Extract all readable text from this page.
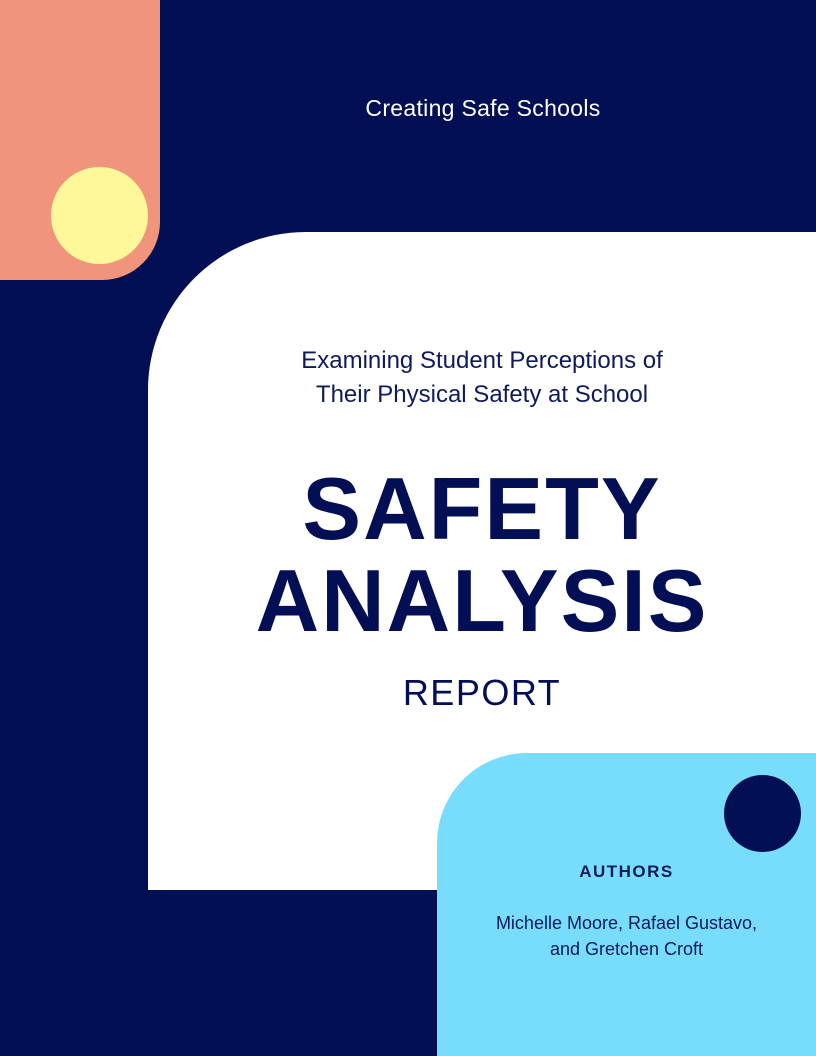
Creating Safe Schools
Examining Student Perceptions of
Their Physical Safety at School
SAFETY
ANALYSIS
REPORT
AUTHORS
Michelle Moore, Rafael Gustavo,
and Gretchen Croft
